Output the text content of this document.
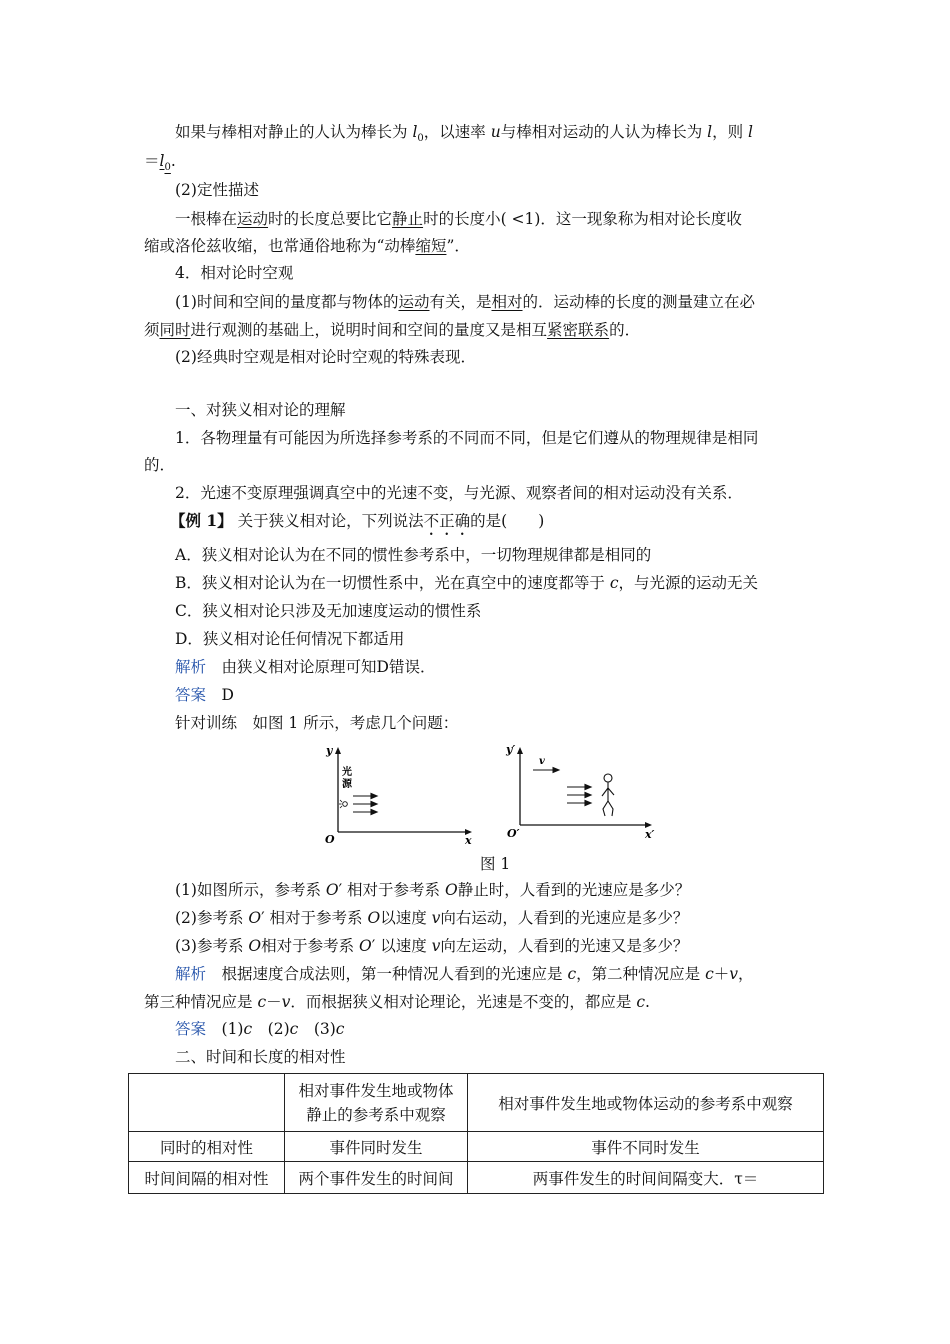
如果与棒相对静止的人认为棒长为 $l_0$，以速率 u与棒相对运动的人认为棒长为 l，则 l
$=l_0$.
(2)定性描述
一根棒在运动时的长度总要比它静止时的长度小( <1)．这一现象称为相对论长度收
缩或洛伦兹收缩，也常通俗地称为“动棒缩短”．
4．相对论时空观
(1)时间和空间的量度都与物体的运动有关，是相对的．运动棒的长度的测量建立在必
须同时进行观测的基础上，说明时间和空间的量度又是相互紧密联系的．
(2)经典时空观是相对论时空观的特殊表现．
一、对狭义相对论的理解
1．各物理量有可能因为所选择参考系的不同而不同，但是它们遵从的物理规律是相同
的．
2．光速不变原理强调真空中的光速不变，与光源、观察者间的相对运动没有关系．
【例 1】 关于狭义相对论，下列说法不正确的是(　　)
A．狭义相对论认为在不同的惯性参考系中，一切物理规律都是相同的
B．狭义相对论认为在一切惯性系中，光在真空中的速度都等于 c，与光源的运动无关
C．狭义相对论只涉及无加速度运动的惯性系
D．狭义相对论任何情况下都适用
解析　由狭义相对论原理可知D错误．
答案　D
针对训练　如图 1 所示，考虑几个问题：
y
O	x
光
源
y′
v
O′	x′
图 1
(1)如图所示，参考系 O′ 相对于参考系 O静止时，人看到的光速应是多少？
(2)参考系 O′ 相对于参考系 O以速度 v向右运动，人看到的光速应是多少？
(3)参考系 O相对于参考系 O′ 以速度 v向左运动，人看到的光速又是多少？
解析　根据速度合成法则，第一种情况人看到的光速应是 c，第二种情况应是 c＋v，
第三种情况应是 c－v．而根据狭义相对论理论，光速是不变的，都应是 c.
答案　(1)c　(2)c　(3)c
二、时间和长度的相对性

	相对事件发生地或物体
静止的参考系中观察	相对事件发生地或物体运动的参考系中观察
同时的相对性	事件同时发生	事件不同时发生
时间间隔的相对性	两个事件发生的时间间	两事件发生的时间间隔变大．τ＝
